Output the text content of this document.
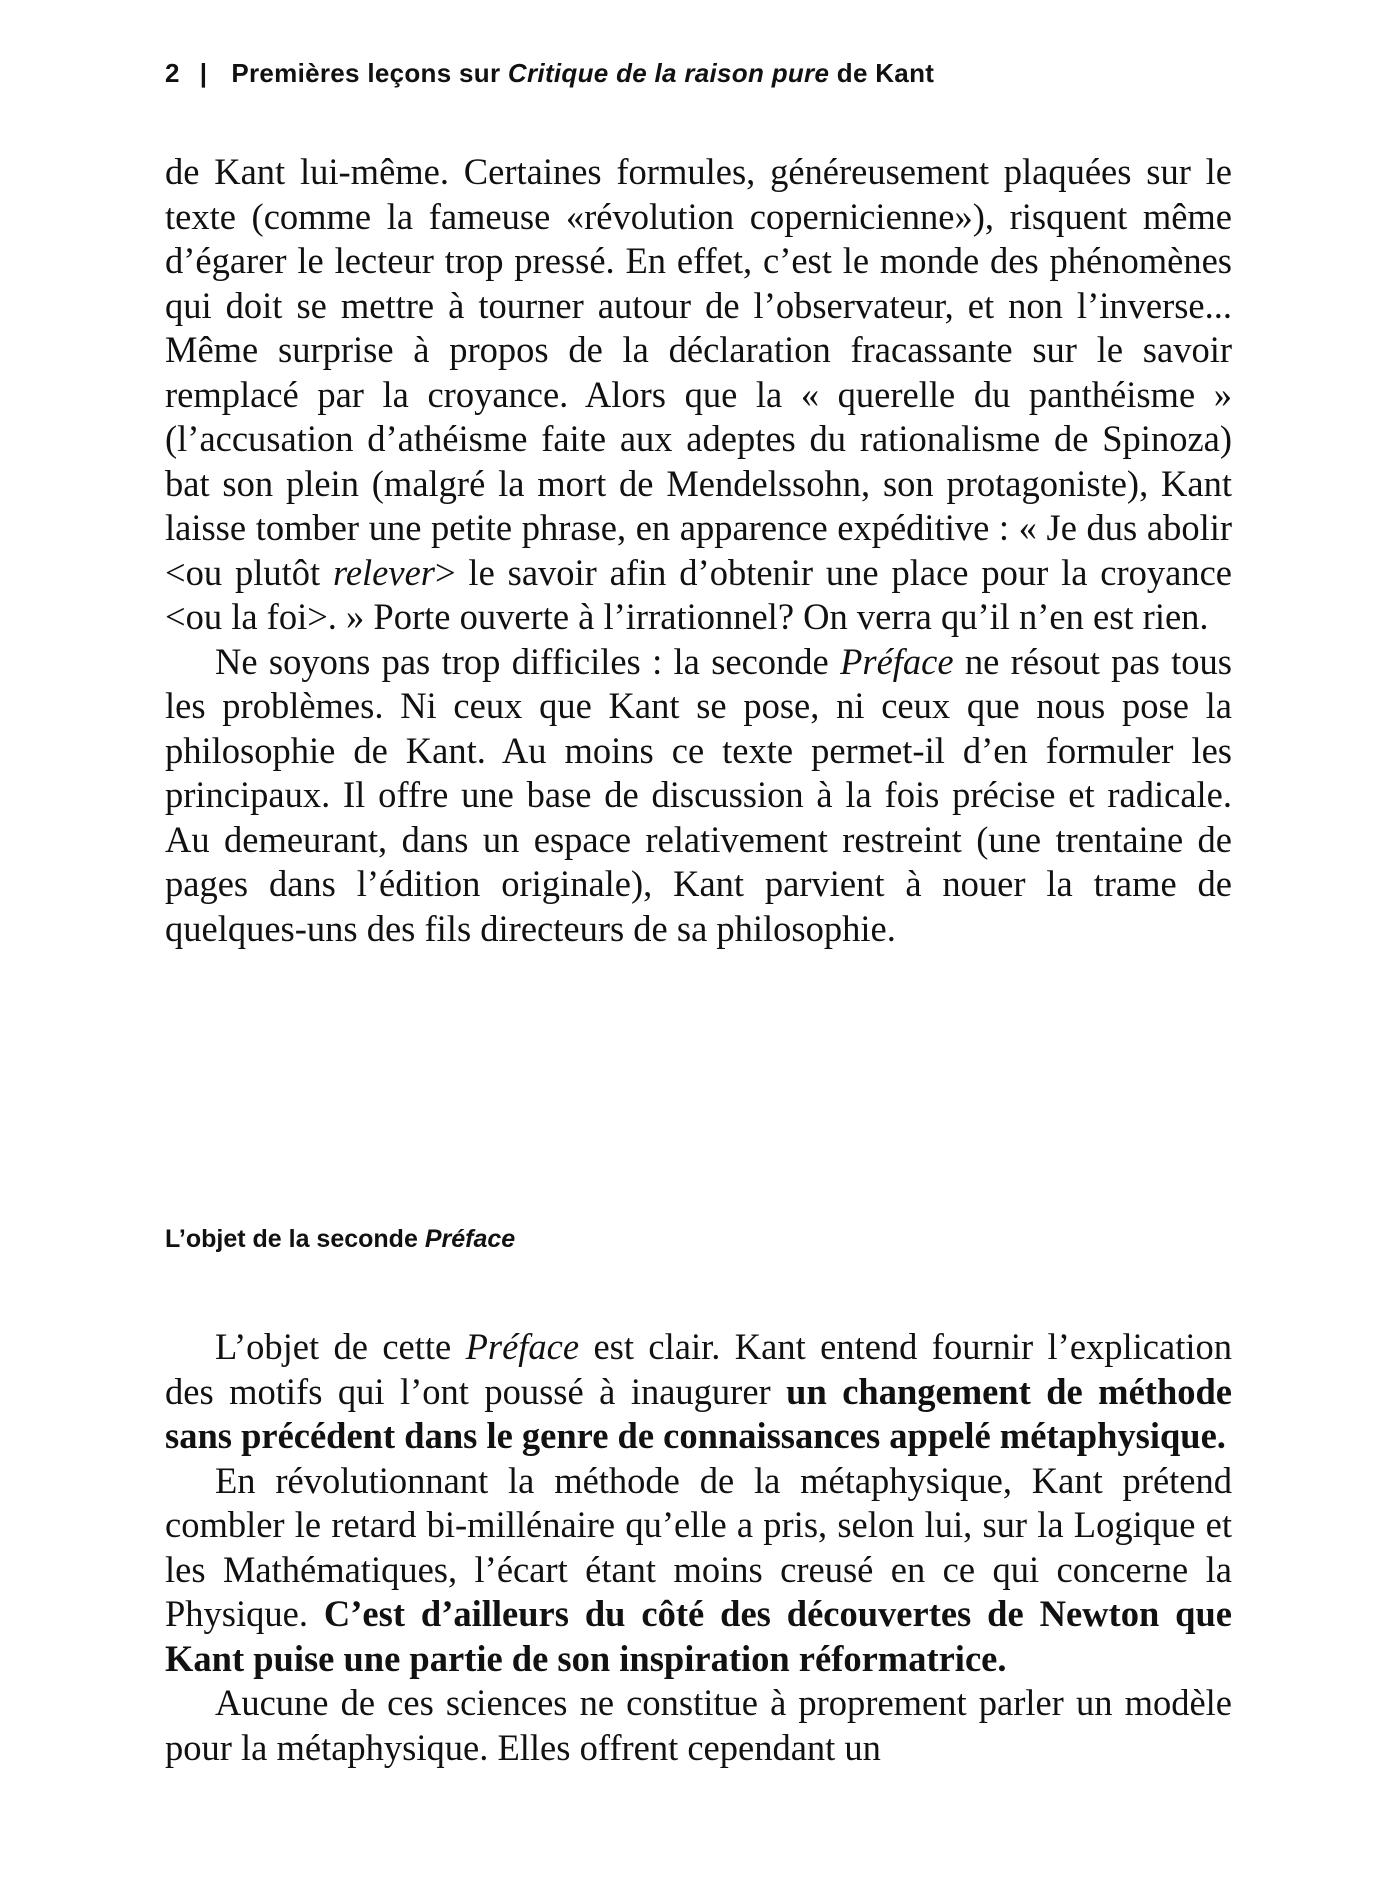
2 | Premières leçons sur Critique de la raison pure de Kant

de Kant lui-même. Certaines formules, généreusement plaquées sur le texte (comme la fameuse «révolution copernicienne»), risquent même d’égarer le lecteur trop pressé. En effet, c’est le monde des phénomènes qui doit se mettre à tourner autour de l’observateur, et non l’inverse... Même surprise à propos de la déclaration fracassante sur le savoir remplacé par la croyance. Alors que la « querelle du panthéisme » (l’accusation d’athéisme faite aux adeptes du rationalisme de Spinoza) bat son plein (malgré la mort de Mendelssohn, son protagoniste), Kant laisse tomber une petite phrase, en apparence expéditive : « Je dus abolir <ou plutôt relever> le savoir afin d’obtenir une place pour la croyance <ou la foi>. » Porte ouverte à l’irrationnel? On verra qu’il n’en est rien.

Ne soyons pas trop difficiles : la seconde Préface ne résout pas tous les problèmes. Ni ceux que Kant se pose, ni ceux que nous pose la philosophie de Kant. Au moins ce texte permet-il d’en formuler les principaux. Il offre une base de discussion à la fois précise et radicale. Au demeurant, dans un espace relativement restreint (une trentaine de pages dans l’édition originale), Kant parvient à nouer la trame de quelques-uns des fils directeurs de sa philosophie.

L’objet de la seconde Préface

L’objet de cette Préface est clair. Kant entend fournir l’explication des motifs qui l’ont poussé à inaugurer un changement de méthode sans précédent dans le genre de connaissances appelé métaphysique.

En révolutionnant la méthode de la métaphysique, Kant prétend combler le retard bi-millénaire qu’elle a pris, selon lui, sur la Logique et les Mathématiques, l’écart étant moins creusé en ce qui concerne la Physique. C’est d’ailleurs du côté des découvertes de Newton que Kant puise une partie de son inspiration réformatrice.

Aucune de ces sciences ne constitue à proprement parler un modèle pour la métaphysique. Elles offrent cependant un
